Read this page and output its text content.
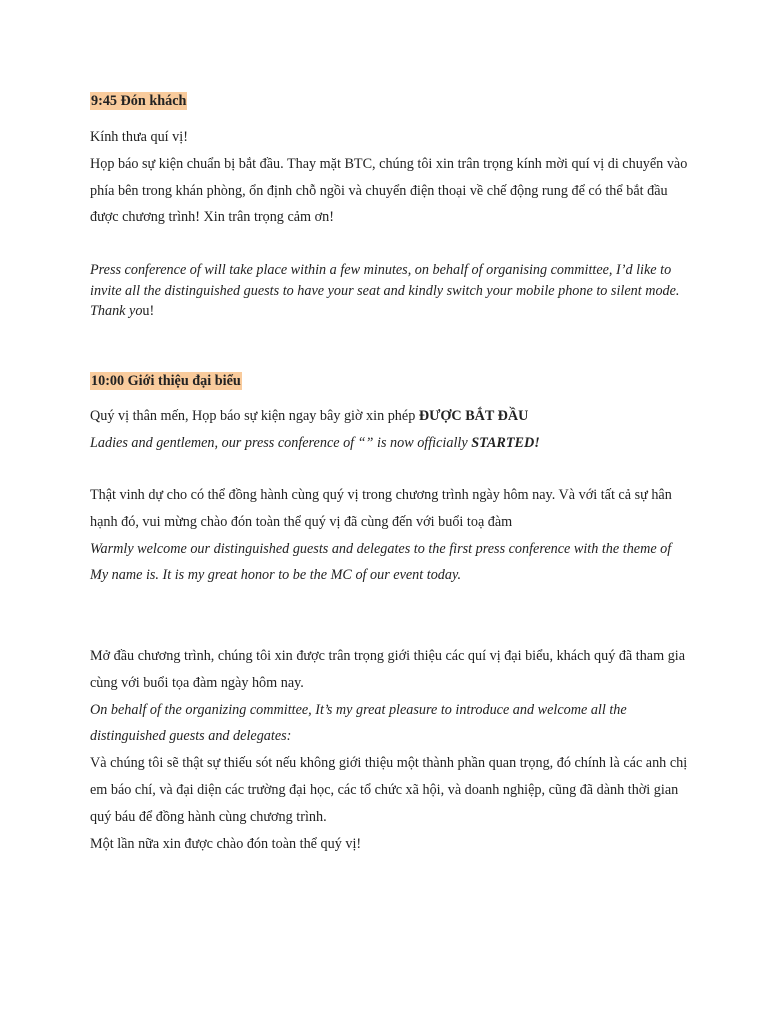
9:45 Đón khách

Kính thưa quí vị!

Họp báo sự kiện chuẩn bị bắt đầu. Thay mặt BTC, chúng tôi xin trân trọng kính mời quí vị di chuyển vào phía bên trong khán phòng, ổn định chỗ ngồi và chuyển điện thoại về chế động rung để có thể bắt đầu được chương trình! Xin trân trọng cảm ơn!

Press conference of will take place within a few minutes, on behalf of organising committee, I’d like to invite all the distinguished guests to have your seat and kindly switch your mobile phone to silent mode. Thank you!
10:00 Giới thiệu đại biểu

Quý vị thân mến, Họp báo sự kiện ngay bây giờ xin phép ĐƯỢC BẮT ĐẦU

Ladies and gentlemen, our press conference of “” is now officially STARTED!

Thật vinh dự cho có thể đồng hành cùng quý vị trong chương trình ngày hôm nay. Và với tất cả sự hân hạnh đó, vui mừng chào đón toàn thể quý vị đã cùng đến với buổi toạ đàm

Warmly welcome our distinguished guests and delegates to the first press conference with the theme of

My name is. It is my great honor to be the MC of our event today.

Mở đầu chương trình, chúng tôi xin được trân trọng giới thiệu các quí vị đại biểu, khách quý đã tham gia cùng với buổi tọa đàm ngày hôm nay.

On behalf of the organizing committee, It’s my great pleasure to introduce and welcome all the distinguished guests and delegates:

Và chúng tôi sẽ thật sự thiếu sót nếu không giới thiệu một thành phần quan trọng, đó chính là các anh chị em báo chí, và đại diện các trường đại học, các tổ chức xã hội, và doanh nghiệp, cũng đã dành thời gian quý báu để đồng hành cùng chương trình.

Một lần nữa xin được chào đón toàn thể quý vị!
